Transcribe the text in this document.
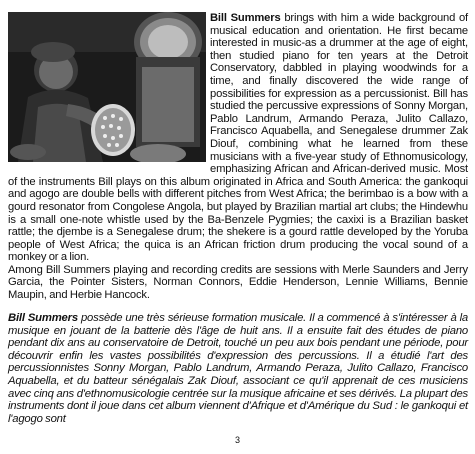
Bill Summers brings with him a wide background of musical education and orientation. He first became interested in music-as a drummer at the age of eight, then studied piano for ten years at the Detroit Conservatory, dabbled in playing woodwinds for a time, and finally discovered the wide range of possibilities for expression as a percussionist. Bill has studied the percussive expressions of Sonny Morgan, Pablo Landrum, Armando Peraza, Julito Callazo, Francisco Aquabella, and Senegalese drummer Zak Diouf, combining what he learned from these musicians with a five-year study of Ethnomusicology, emphasizing African and African-derived music. Most of the instruments Bill plays on this album originated in Africa and South America: the gankoqui and agogo are double bells with different pitches from West Africa; the berimbao is a bow with a gourd resonator from Congolese Angola, but played by Brazilian martial art clubs; the Hindewhu is a small one-note whistle used by the Ba-Benzele Pygmies; the caxixi is a Brazilian basket rattle; the djembe is a Senegalese drum; the shekere is a gourd rattle developed by the Yoruba people of West Africa; the quica is an African friction drum producing the vocal sound of a monkey or a lion.

Among Bill Summers playing and recording credits are sessions with Merle Saunders and Jerry Garcia, the Pointer Sisters, Norman Connors, Eddie Henderson, Lennie Williams, Bennie Maupin, and Herbie Hancock.

Bill Summers possède une très sérieuse formation musicale. Il a commencé à s'intéresser à la musique en jouant de la batterie dès l'âge de huit ans. Il a ensuite fait des études de piano pendant dix ans au conservatoire de Detroit, touché un peu aux bois pendant une période, pour découvrir enfin les vastes possibilités d'expression des percussions. Il a étudié l'art des percussionnistes Sonny Morgan, Pablo Landrum, Armando Peraza, Julito Callazo, Francisco Aquabella, et du batteur sénégalais Zak Diouf, associant ce qu'il apprenait de ces musiciens avec cinq ans d'ethnomusicologie centrée sur la musique africaine et ses dérivés. La plupart des instruments dont il joue dans cet album viennent d'Afrique et d'Amérique du Sud : le gankoqui et l'agogo sont

3
